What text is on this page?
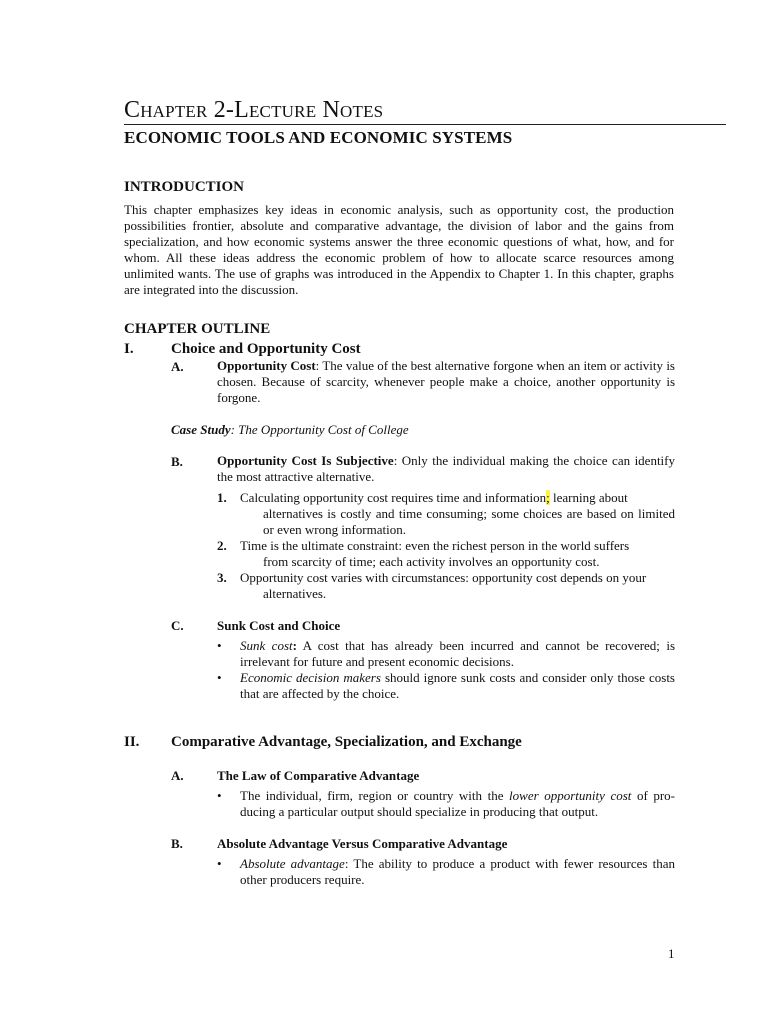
Chapter 2-Lecture Notes
ECONOMIC TOOLS AND ECONOMIC SYSTEMS
INTRODUCTION
This chapter emphasizes key ideas in economic analysis, such as opportunity cost, the production possibilities frontier, absolute and comparative advantage, the division of labor and the gains from specialization, and how economic systems answer the three economic questions of what, how, and for whom. All these ideas address the economic problem of how to allocate scarce resources among unlimited wants. The use of graphs was introduced in the Appendix to Chapter 1. In this chapter, graphs are integrated into the discussion.
CHAPTER OUTLINE
I. Choice and Opportunity Cost
A.	Opportunity Cost: The value of the best alternative forgone when an item or activity is chosen. Because of scarcity, whenever people make a choice, another opportunity is forgone.
Case Study: The Opportunity Cost of College
B.	Opportunity Cost Is Subjective: Only the individual making the choice can identify the most attractive alternative.
1. Calculating opportunity cost requires time and information; learning about
alternatives is costly and time consuming; some choices are based on limited or even wrong information.
2. Time is the ultimate constraint: even the richest person in the world suffers
from scarcity of time; each activity involves an opportunity cost.
3. Opportunity cost varies with circumstances: opportunity cost depends on your
alternatives.
C.	Sunk Cost and Choice
• Sunk cost: A cost that has already been incurred and cannot be recovered; is irrelevant for future and present economic decisions.
• Economic decision makers should ignore sunk costs and consider only those costs that are affected by the choice.
II. Comparative Advantage, Specialization, and Exchange
A.	The Law of Comparative Advantage
• The individual, firm, region or country with the lower opportunity cost of pro-ducing a particular output should specialize in producing that output.
B.	Absolute Advantage Versus Comparative Advantage
• Absolute advantage: The ability to produce a product with fewer resources than other producers require.
1
